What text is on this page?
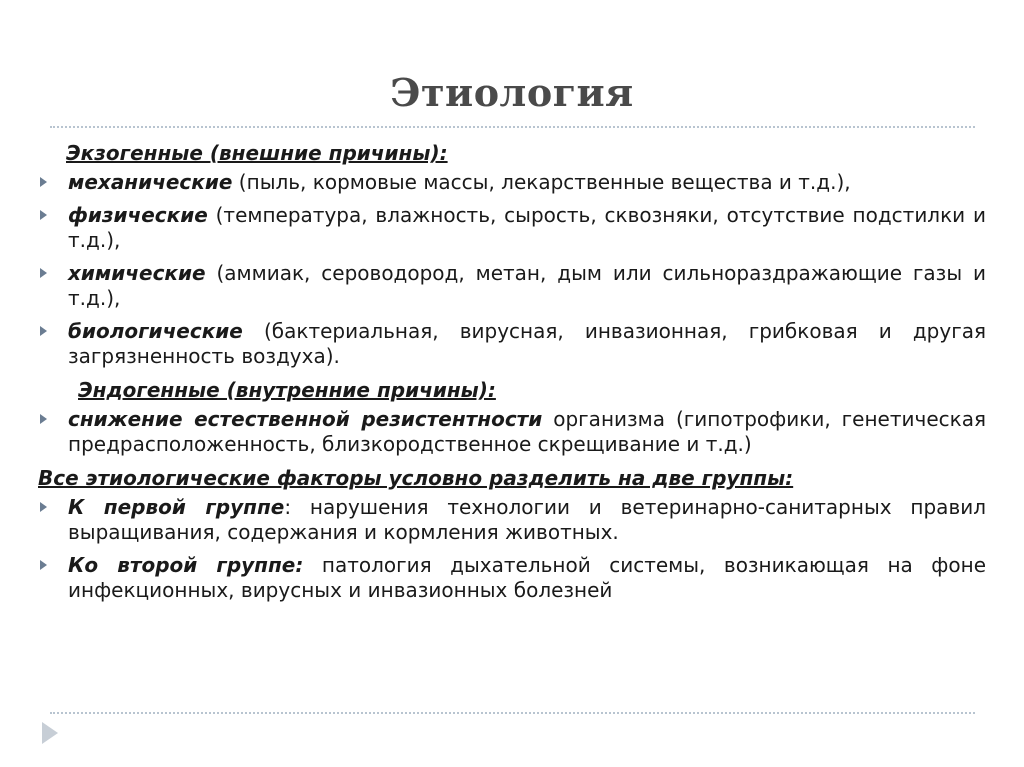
Этиология
Экзогенные (внешние причины):
механические (пыль, кормовые массы, лекарственные вещества и т.д.),
физические (температура, влажность, сырость, сквозняки, отсутствие подстилки и т.д.),
химические (аммиак, сероводород, метан, дым или сильнораздражающие газы и т.д.),
биологические (бактериальная, вирусная, инвазионная, грибковая и другая загрязненность воздуха).
Эндогенные (внутренние причины):
снижение естественной резистентности организма (гипотрофики, генетическая предрасположенность, близкородственное скрещивание и т.д.)
Все этиологические факторы условно разделить на две группы:
К первой группе: нарушения технологии и ветеринарно-санитарных правил выращивания, содержания и кормления животных.
Ко второй группе: патология дыхательной системы, возникающая на фоне инфекционных, вирусных и инвазионных болезней
